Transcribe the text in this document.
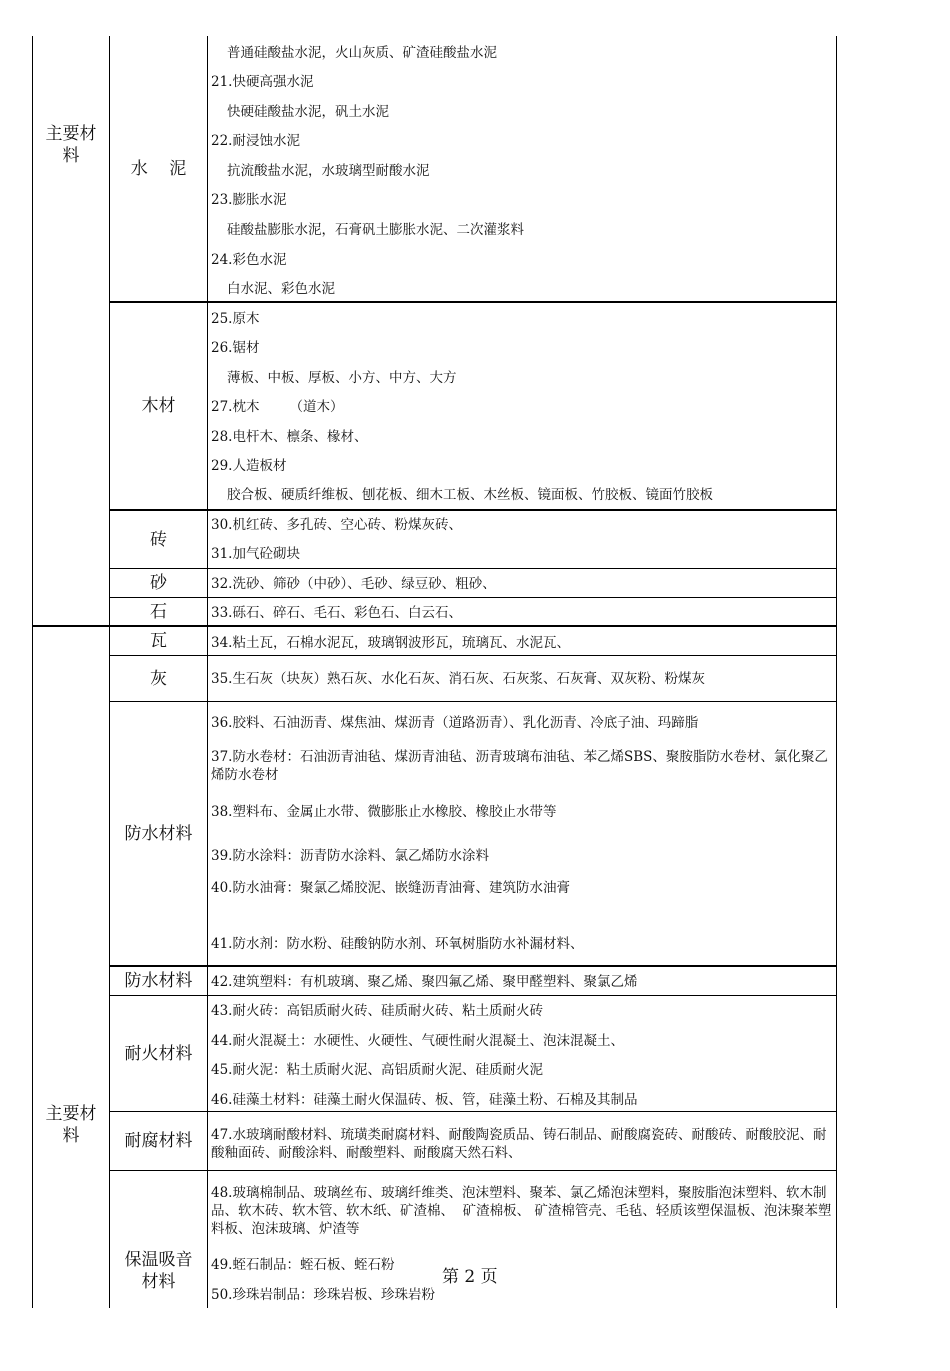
主要材
料
主要材
料
水    泥
木材
砖
砂
石
瓦
灰
防水材料
防水材料
耐火材料
耐腐材料
保温吸音
材料
普通硅酸盐水泥，火山灰质、矿渣硅酸盐水泥
21.快硬高强水泥
快硬硅酸盐水泥，矾土水泥
22.耐浸蚀水泥
抗流酸盐水泥，水玻璃型耐酸水泥
23.膨胀水泥
硅酸盐膨胀水泥，石膏矾土膨胀水泥、二次灌浆料
24.彩色水泥
白水泥、彩色水泥
25.原木
26.锯材
薄板、中板、厚板、小方、中方、大方
27.枕木       （道木）
28.电杆木、檩条、椽材、
29.人造板材
胶合板、硬质纤维板、刨花板、细木工板、木丝板、镜面板、竹胶板、镜面竹胶板
30.机红砖、多孔砖、空心砖、粉煤灰砖、
31.加气砼砌块
32.洗砂、筛砂（中砂）、毛砂、绿豆砂、粗砂、
33.砾石、碎石、毛石、彩色石、白云石、
34.粘土瓦，石棉水泥瓦，玻璃钢波形瓦，琉璃瓦、水泥瓦、
35.生石灰（块灰）熟石灰、水化石灰、消石灰、石灰浆、石灰膏、双灰粉、粉煤灰
36.胶料、石油沥青、煤焦油、煤沥青（道路沥青）、乳化沥青、冷底子油、玛蹄脂
37.防水卷材：石油沥青油毡、煤沥青油毡、沥青玻璃布油毡、苯乙烯SBS、聚胺脂防水卷材、氯化聚乙烯防水卷材
38.塑料布、金属止水带、微膨胀止水橡胶、橡胶止水带等
39.防水涂料：沥青防水涂料、氯乙烯防水涂料
40.防水油膏：聚氯乙烯胶泥、嵌缝沥青油膏、建筑防水油膏
41.防水剂：防水粉、硅酸钠防水剂、环氧树脂防水补漏材料、
42.建筑塑料：有机玻璃、聚乙烯、聚四氟乙烯、聚甲醛塑料、聚氯乙烯
43.耐火砖：高铝质耐火砖、硅质耐火砖、粘土质耐火砖
44.耐火混凝土：水硬性、火硬性、气硬性耐火混凝土、泡沫混凝土、
45.耐火泥：粘土质耐火泥、高铝质耐火泥、硅质耐火泥
46.硅藻土材料：硅藻土耐火保温砖、板、管，硅藻土粉、石棉及其制品
47.水玻璃耐酸材料、琉璜类耐腐材料、耐酸陶瓷质品、铸石制品、耐酸腐瓷砖、耐酸砖、耐酸胶泥、耐酸釉面砖、耐酸涂料、耐酸塑料、耐酸腐天然石料、
48.玻璃棉制品、玻璃丝布、玻璃纤维类、泡沫塑料、聚苯、氯乙烯泡沫塑料，聚胺脂泡沫塑料、软木制品、软木砖、软木管、软木纸、矿渣棉、  矿渣棉板、 矿渣棉管壳、毛毡、轻质该塑保温板、泡沫聚苯塑料板、泡沫玻璃、炉渣等
49.蛭石制品：蛭石板、蛭石粉
50.珍珠岩制品：珍珠岩板、珍珠岩粉
第 2 页
